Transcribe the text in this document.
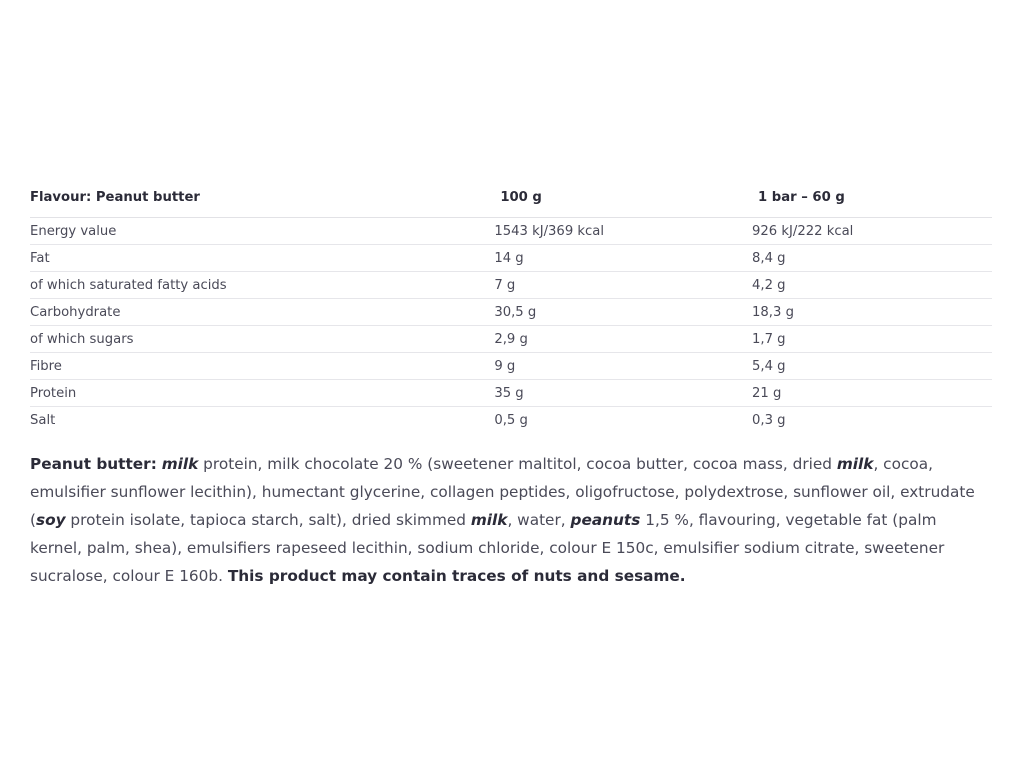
Flavour: Peanut butter	100 g	1 bar – 60 g
Energy value	1543 kJ/369 kcal	926 kJ/222 kcal
Fat	14 g	8,4 g
of which saturated fatty acids	7 g	4,2 g
Carbohydrate	30,5 g	18,3 g
of which sugars	2,9 g	1,7 g
Fibre	9 g	5,4 g
Protein	35 g	21 g
Salt	0,5 g	0,3 g

Peanut butter: milk protein, milk chocolate 20 % (sweetener maltitol, cocoa butter, cocoa mass, dried milk, cocoa, emulsifier sunflower lecithin), humectant glycerine, collagen peptides, oligofructose, polydextrose, sunflower oil, extrudate (soy protein isolate, tapioca starch, salt), dried skimmed milk, water, peanuts 1,5 %, flavouring, vegetable fat (palm kernel, palm, shea), emulsifiers rapeseed lecithin, sodium chloride, colour E 150c, emulsifier sodium citrate, sweetener sucralose, colour E 160b. This product may contain traces of nuts and sesame.
